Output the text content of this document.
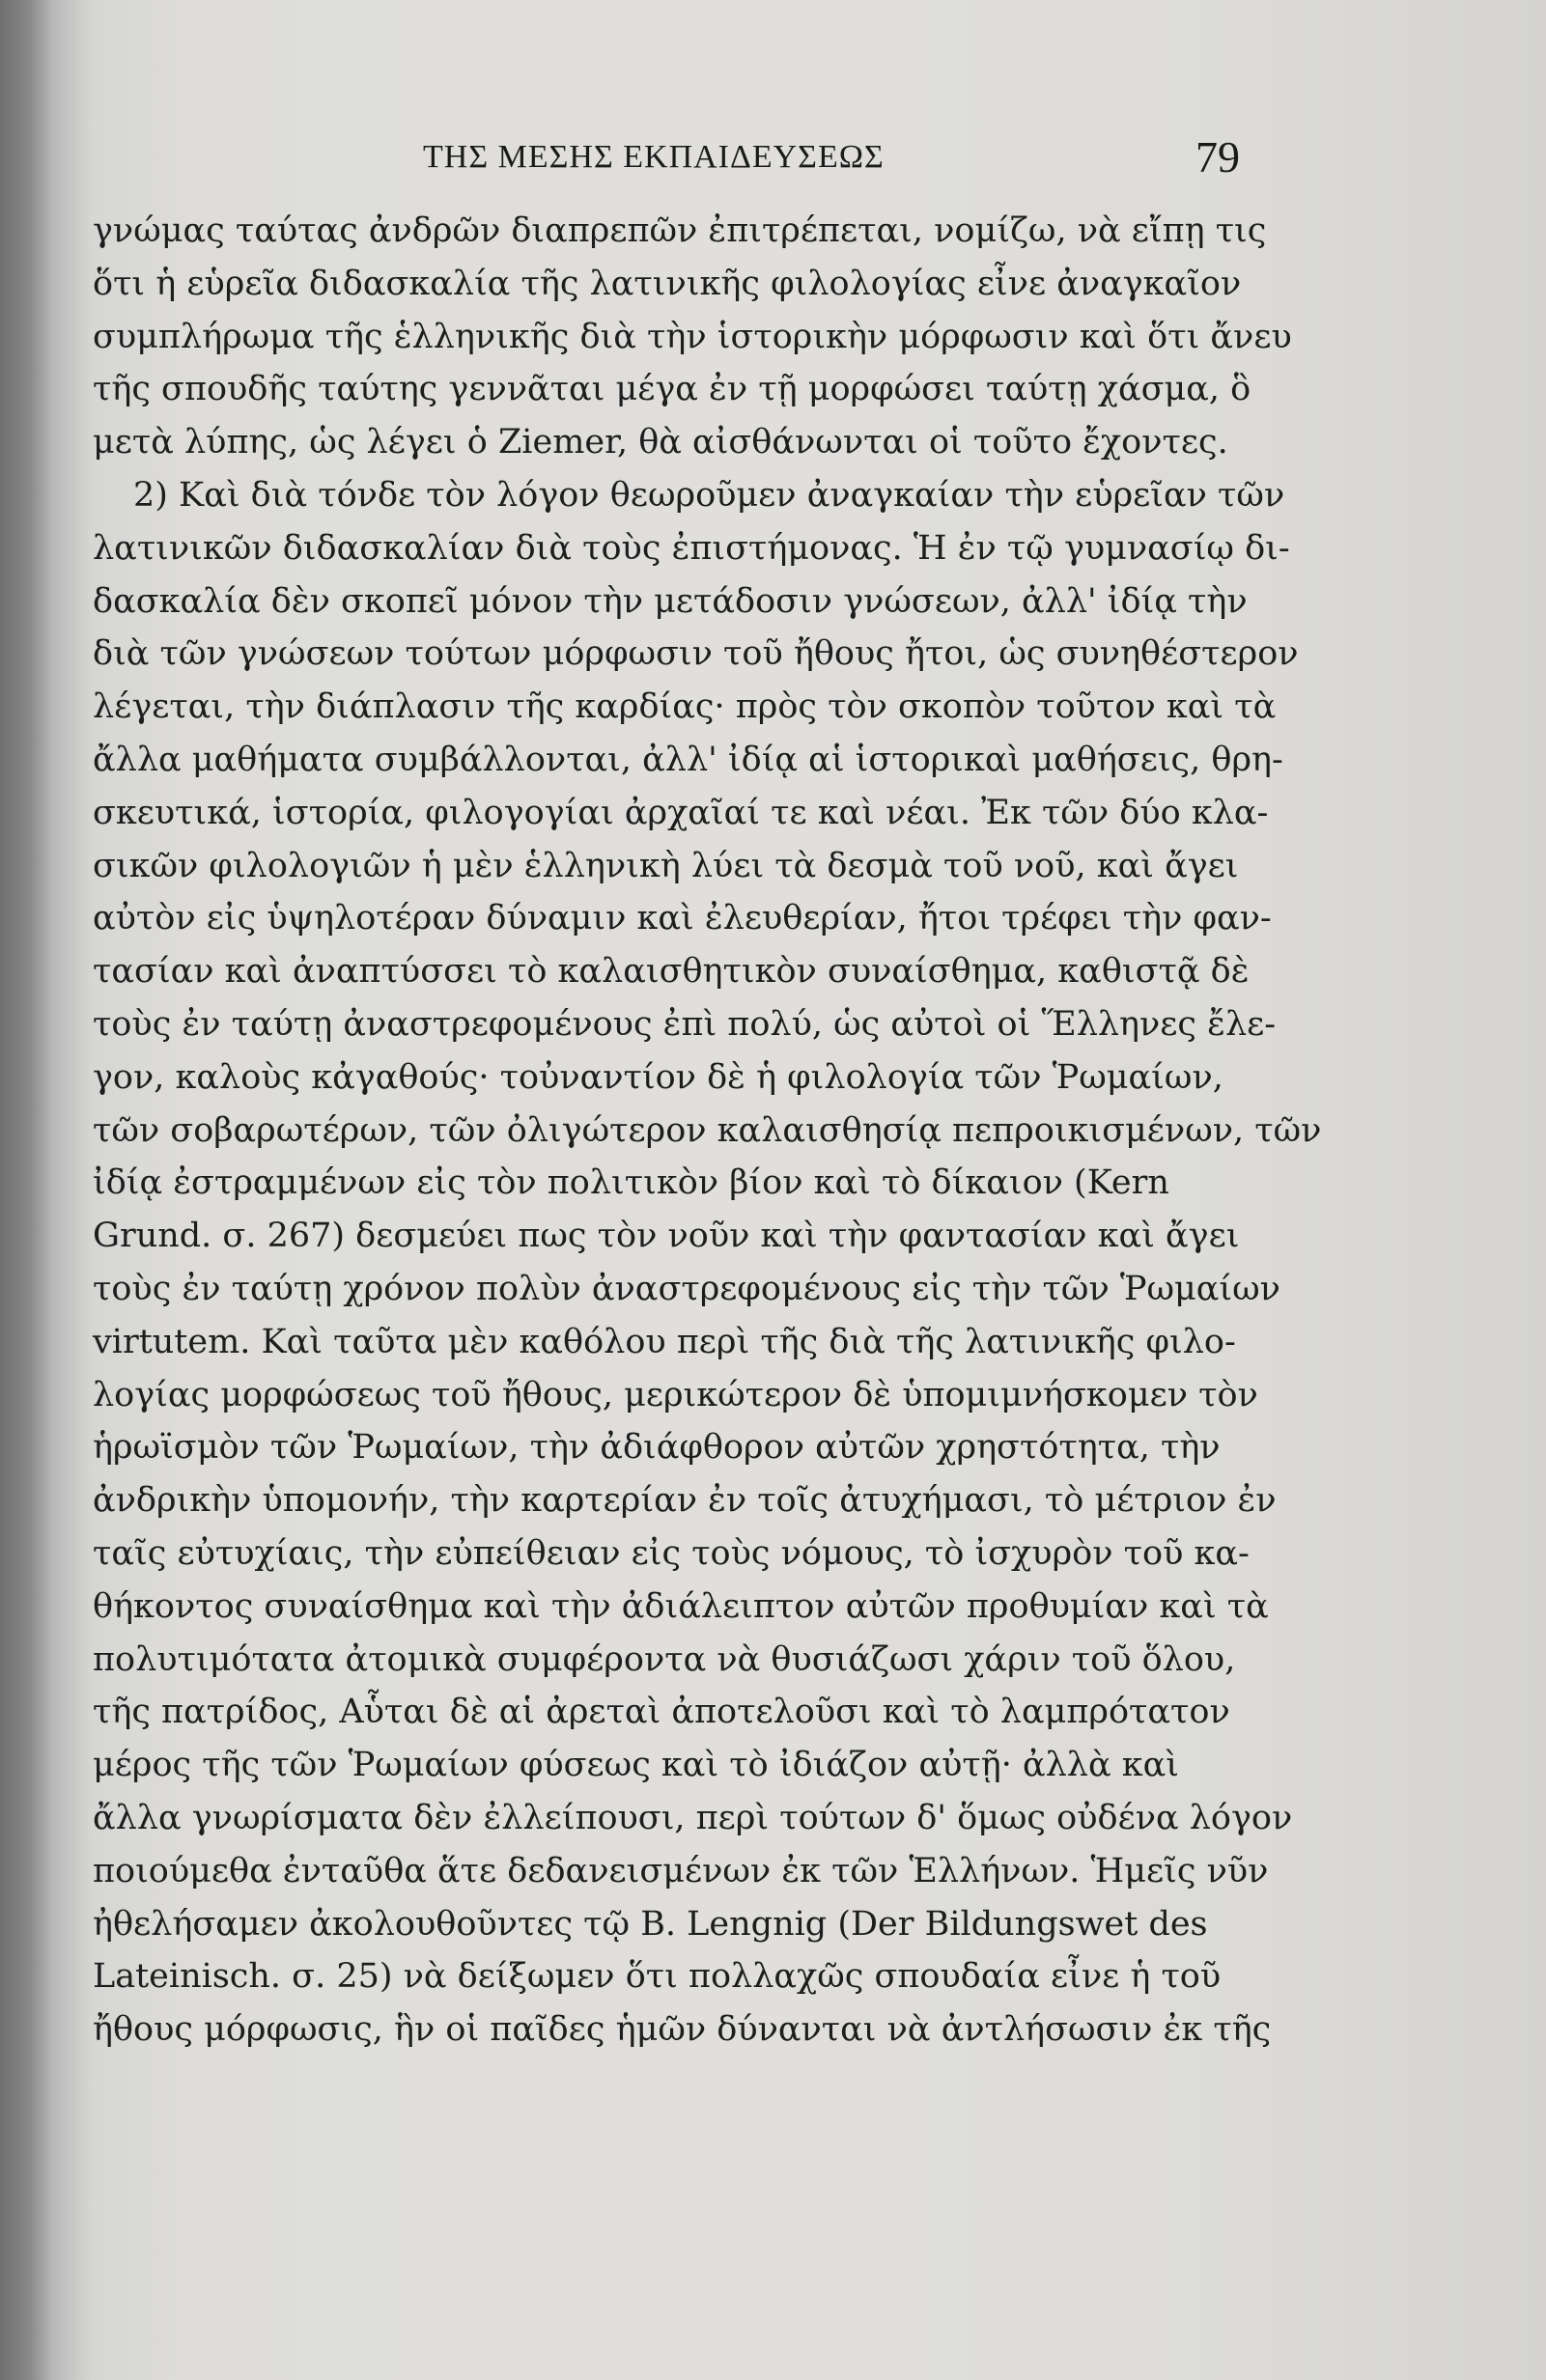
ΤΗΣ ΜΕΣΗΣ ΕΚΠΑΙΔΕΥΣΕΩΣ	79
γνώμας ταύτας ἀνδρῶν διαπρεπῶν ἐπιτρέπεται, νομίζω, νὰ εἴπῃ τις
ὅτι ἡ εὑρεῖα διδασκαλία τῆς λατινικῆς φιλολογίας εἶνε ἀναγκαῖον
συμπλήρωμα τῆς ἑλληνικῆς διὰ τὴν ἱστορικὴν μόρφωσιν καὶ ὅτι ἄνευ
τῆς σπουδῆς ταύτης γεννᾶται μέγα ἐν τῇ μορφώσει ταύτῃ χάσμα, ὃ
μετὰ λύπης, ὡς λέγει ὁ Ziemer, θὰ αἰσθάνωνται οἱ τοῦτο ἔχοντες.
2) Καὶ διὰ τόνδε τὸν λόγον θεωροῦμεν ἀναγκαίαν τὴν εὑρεῖαν τῶν
λατινικῶν διδασκαλίαν διὰ τοὺς ἐπιστήμονας. Ἡ ἐν τῷ γυμνασίῳ δι-
δασκαλία δὲν σκοπεῖ μόνον τὴν μετάδοσιν γνώσεων, ἀλλ' ἰδίᾳ τὴν
διὰ τῶν γνώσεων τούτων μόρφωσιν τοῦ ἤθους ἤτοι, ὡς συνηθέστερον
λέγεται, τὴν διάπλασιν τῆς καρδίας· πρὸς τὸν σκοπὸν τοῦτον καὶ τὰ
ἄλλα μαθήματα συμβάλλονται, ἀλλ' ἰδίᾳ αἱ ἱστορικαὶ μαθήσεις, θρη-
σκευτικά, ἱστορία, φιλογογίαι ἀρχαῖαί τε καὶ νέαι. Ἐκ τῶν δύο κλα-
σικῶν φιλολογιῶν ἡ μὲν ἑλληνικὴ λύει τὰ δεσμὰ τοῦ νοῦ, καὶ ἄγει
αὐτὸν εἰς ὑψηλοτέραν δύναμιν καὶ ἐλευθερίαν, ἤτοι τρέφει τὴν φαν-
τασίαν καὶ ἀναπτύσσει τὸ καλαισθητικὸν συναίσθημα, καθιστᾷ δὲ
τοὺς ἐν ταύτῃ ἀναστρεφομένους ἐπὶ πολύ, ὡς αὐτοὶ οἱ Ἕλληνες ἔλε-
γον, καλοὺς κἀγαθούς· τοὐναντίον δὲ ἡ φιλολογία τῶν Ῥωμαίων,
τῶν σοβαρωτέρων, τῶν ὀλιγώτερον καλαισθησίᾳ πεπροικισμένων, τῶν
ἰδίᾳ ἐστραμμένων εἰς τὸν πολιτικὸν βίον καὶ τὸ δίκαιον (Kern
Grund. σ. 267) δεσμεύει πως τὸν νοῦν καὶ τὴν φαντασίαν καὶ ἄγει
τοὺς ἐν ταύτῃ χρόνον πολὺν ἀναστρεφομένους εἰς τὴν τῶν Ῥωμαίων
virtutem. Καὶ ταῦτα μὲν καθόλου περὶ τῆς διὰ τῆς λατινικῆς φιλο-
λογίας μορφώσεως τοῦ ἤθους, μερικώτερον δὲ ὑπομιμνήσκομεν τὸν
ἡρωϊσμὸν τῶν Ῥωμαίων, τὴν ἀδιάφθορον αὐτῶν χρηστότητα, τὴν
ἀνδρικὴν ὑπομονήν, τὴν καρτερίαν ἐν τοῖς ἀτυχήμασι, τὸ μέτριον ἐν
ταῖς εὐτυχίαις, τὴν εὐπείθειαν εἰς τοὺς νόμους, τὸ ἰσχυρὸν τοῦ κα-
θήκοντος συναίσθημα καὶ τὴν ἀδιάλειπτον αὐτῶν προθυμίαν καὶ τὰ
πολυτιμότατα ἀτομικὰ συμφέροντα νὰ θυσιάζωσι χάριν τοῦ ὅλου,
τῆς πατρίδος, Αὗται δὲ αἱ ἀρεταὶ ἀποτελοῦσι καὶ τὸ λαμπρότατον
μέρος τῆς τῶν Ῥωμαίων φύσεως καὶ τὸ ἰδιάζον αὐτῇ· ἀλλὰ καὶ
ἄλλα γνωρίσματα δὲν ἐλλείπουσι, περὶ τούτων δ' ὅμως οὐδένα λόγον
ποιούμεθα ἐνταῦθα ἅτε δεδανεισμένων ἐκ τῶν Ἑλλήνων. Ἡμεῖς νῦν
ἠθελήσαμεν ἀκολουθοῦντες τῷ B. Lengnig (Der Bildungswet des
Lateinisch. σ. 25) νὰ δείξωμεν ὅτι πολλαχῶς σπουδαία εἶνε ἡ τοῦ
ἤθους μόρφωσις, ἣν οἱ παῖδες ἡμῶν δύνανται νὰ ἀντλήσωσιν ἐκ τῆς
